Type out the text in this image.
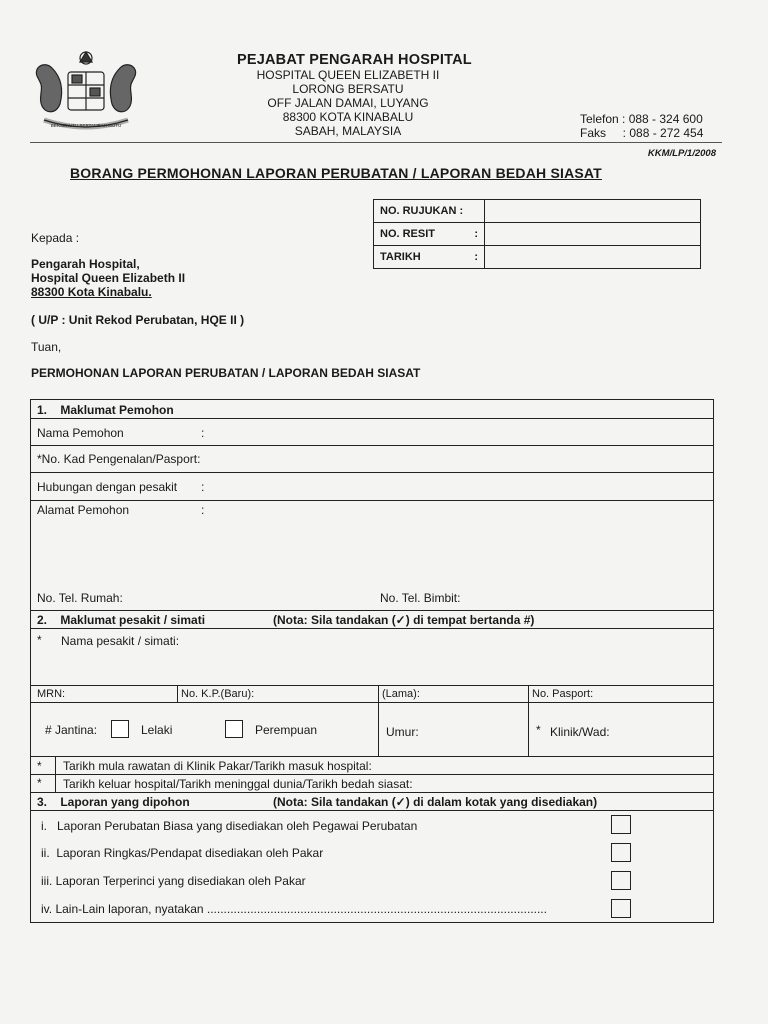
BERSEKUTU BERTAMBAH MUTU
PEJABAT PENGARAH HOSPITAL
HOSPITAL QUEEN ELIZABETH II
LORONG BERSATU
OFF JALAN DAMAI, LUYANG
88300 KOTA KINABALU
SABAH, MALAYSIA
Telefon : 088 - 324 600
Faks     : 088 - 272 454
KKM/LP/1/2008
BORANG PERMOHONAN LAPORAN PERUBATAN / LAPORAN BEDAH SIASAT
NO. RUJUKAN :	
NO. RESIT :	

TARIKH :	

Kepada :
Pengarah Hospital,
Hospital Queen Elizabeth II
88300 Kota Kinabalu.
( U/P : Unit Rekod Perubatan, HQE II )
Tuan,
PERMOHONAN LAPORAN PERUBATAN / LAPORAN BEDAH SIASAT
1.    Maklumat Pemohon
Nama Pemohon	:
*No. Kad Pengenalan/Pasport:
Hubungan dengan pesakit :
Alamat Pemohon	:
No. Tel. Rumah:	No. Tel. Bimbit:
2.    Maklumat pesakit / simati	(Nota: Sila tandakan (✓) di tempat bertanda #)
* Nama pesakit / simati:
MRN:	No. K.P.(Baru):	(Lama):	No. Pasport:
# Jantina:	Lelaki	Perempuan	Umur:	* Klinik/Wad:
* Tarikh mula rawatan di Klinik Pakar/Tarikh masuk hospital:
* Tarikh keluar hospital/Tarikh meninggal dunia/Tarikh bedah siasat:
3.    Laporan yang dipohon	(Nota: Sila tandakan (✓) di dalam kotak yang disediakan)
i.   Laporan Perubatan Biasa yang disediakan oleh Pegawai Perubatan
ii.  Laporan Ringkas/Pendapat disediakan oleh Pakar
iii. Laporan Terperinci yang disediakan oleh Pakar
iv. Lain-Lain laporan, nyatakan ......................................................................................................
